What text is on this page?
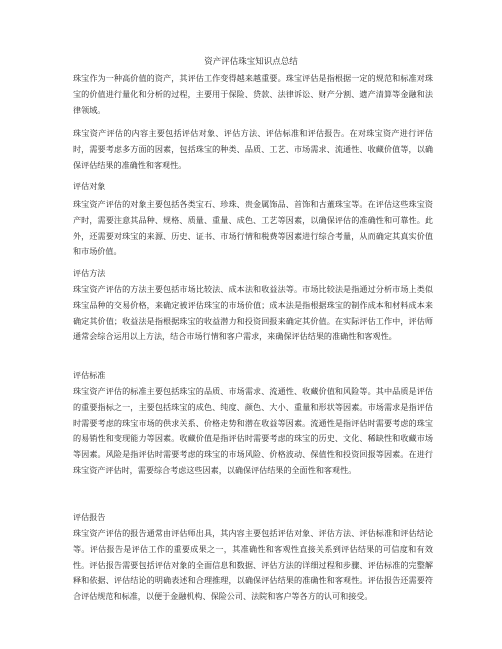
资产评估珠宝知识点总结

珠宝作为一种高价值的资产，其评估工作变得越来越重要。珠宝评估是指根据一定的规范和标准对珠宝的价值进行量化和分析的过程，主要用于保险、贷款、法律诉讼、财产分割、遗产清算等金融和法律领域。

珠宝资产评估的内容主要包括评估对象、评估方法、评估标准和评估报告。在对珠宝资产进行评估时，需要考虑多方面的因素，包括珠宝的种类、品质、工艺、市场需求、流通性、收藏价值等，以确保评估结果的准确性和客观性。

评估对象

珠宝资产评估的对象主要包括各类宝石、珍珠、贵金属饰品、首饰和古董珠宝等。在评估这些珠宝资产时，需要注意其品种、规格、质量、重量、成色、工艺等因素，以确保评估的准确性和可靠性。此外，还需要对珠宝的来源、历史、证书、市场行情和税费等因素进行综合考量，从而确定其真实价值和市场价值。

评估方法

珠宝资产评估的方法主要包括市场比较法、成本法和收益法等。市场比较法是指通过分析市场上类似珠宝品种的交易价格，来确定被评估珠宝的市场价值；成本法是指根据珠宝的制作成本和材料成本来确定其价值；收益法是指根据珠宝的收益潜力和投资回报来确定其价值。在实际评估工作中，评估师通常会综合运用以上方法，结合市场行情和客户需求，来确保评估结果的准确性和客观性。

评估标准

珠宝资产评估的标准主要包括珠宝的品质、市场需求、流通性、收藏价值和风险等。其中品质是评估的重要指标之一，主要包括珠宝的成色、纯度、颜色、大小、重量和形状等因素。市场需求是指评估时需要考虑的珠宝市场的供求关系、价格走势和潜在收益等因素。流通性是指评估时需要考虑的珠宝的易销性和变现能力等因素。收藏价值是指评估时需要考虑的珠宝的历史、文化、稀缺性和收藏市场等因素。风险是指评估时需要考虑的珠宝的市场风险、价格波动、保值性和投资回报等因素。在进行珠宝资产评估时，需要综合考虑这些因素，以确保评估结果的全面性和客观性。

评估报告

珠宝资产评估的报告通常由评估师出具，其内容主要包括评估对象、评估方法、评估标准和评估结论等。评估报告是评估工作的重要成果之一，其准确性和客观性直接关系到评估结果的可信度和有效性。评估报告需要包括评估对象的全面信息和数据、评估方法的详细过程和步骤、评估标准的完整解释和依据、评估结论的明确表述和合理推理，以确保评估结果的准确性和客观性。评估报告还需要符合评估规范和标准，以便于金融机构、保险公司、法院和客户等各方的认可和接受。
